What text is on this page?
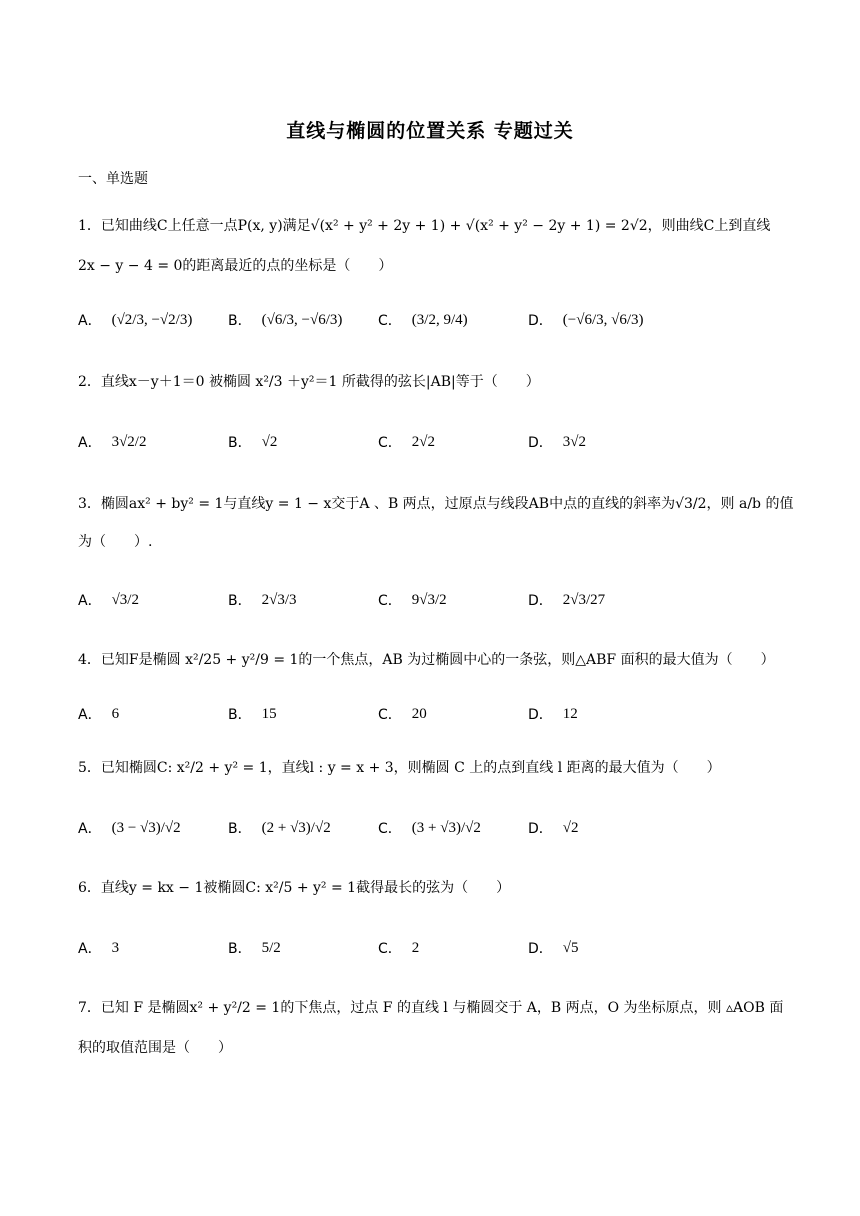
直线与椭圆的位置关系 专题过关
一、单选题
1．已知曲线C上任意一点P(x, y)满足√(x² + y² + 2y + 1) + √(x² + y² − 2y + 1) = 2√2，则曲线C上到直线
2x − y − 4 = 0的距离最近的点的坐标是（　　）
A． (√2/3, −√2/3)	B． (√6/3, −√6/3)	C． (3/2, 9/4)	D． (−√6/3, √6/3)
2．直线x－y＋1＝0 被椭圆 x²/3 ＋y²＝1 所截得的弦长|AB|等于（　　）
A． 3√2/2	B． √2	C． 2√2	D． 3√2
3．椭圆ax² + by² = 1与直线y = 1 − x交于A 、B 两点，过原点与线段AB中点的直线的斜率为√3/2，则 a/b 的值
为（　　）.
A． √3/2	B． 2√3/3	C． 9√3/2	D． 2√3/27
4．已知F是椭圆 x²/25 + y²/9 = 1的一个焦点，AB 为过椭圆中心的一条弦，则△ABF 面积的最大值为（　　）
A． 6	B． 15	C． 20	D． 12
5．已知椭圆C: x²/2 + y² = 1，直线l : y = x + 3，则椭圆 C 上的点到直线 l 距离的最大值为（　　）
A． (3 − √3)/√2	B． (2 + √3)/√2	C． (3 + √3)/√2	D． √2
6．直线y = kx − 1被椭圆C: x²/5 + y² = 1截得最长的弦为（　　）
A． 3	B． 5/2	C． 2	D． √5
7．已知 F 是椭圆x² + y²/2 = 1的下焦点，过点 F 的直线 l 与椭圆交于 A，B 两点，O 为坐标原点，则 ▵AOB 面
积的取值范围是（　　）
